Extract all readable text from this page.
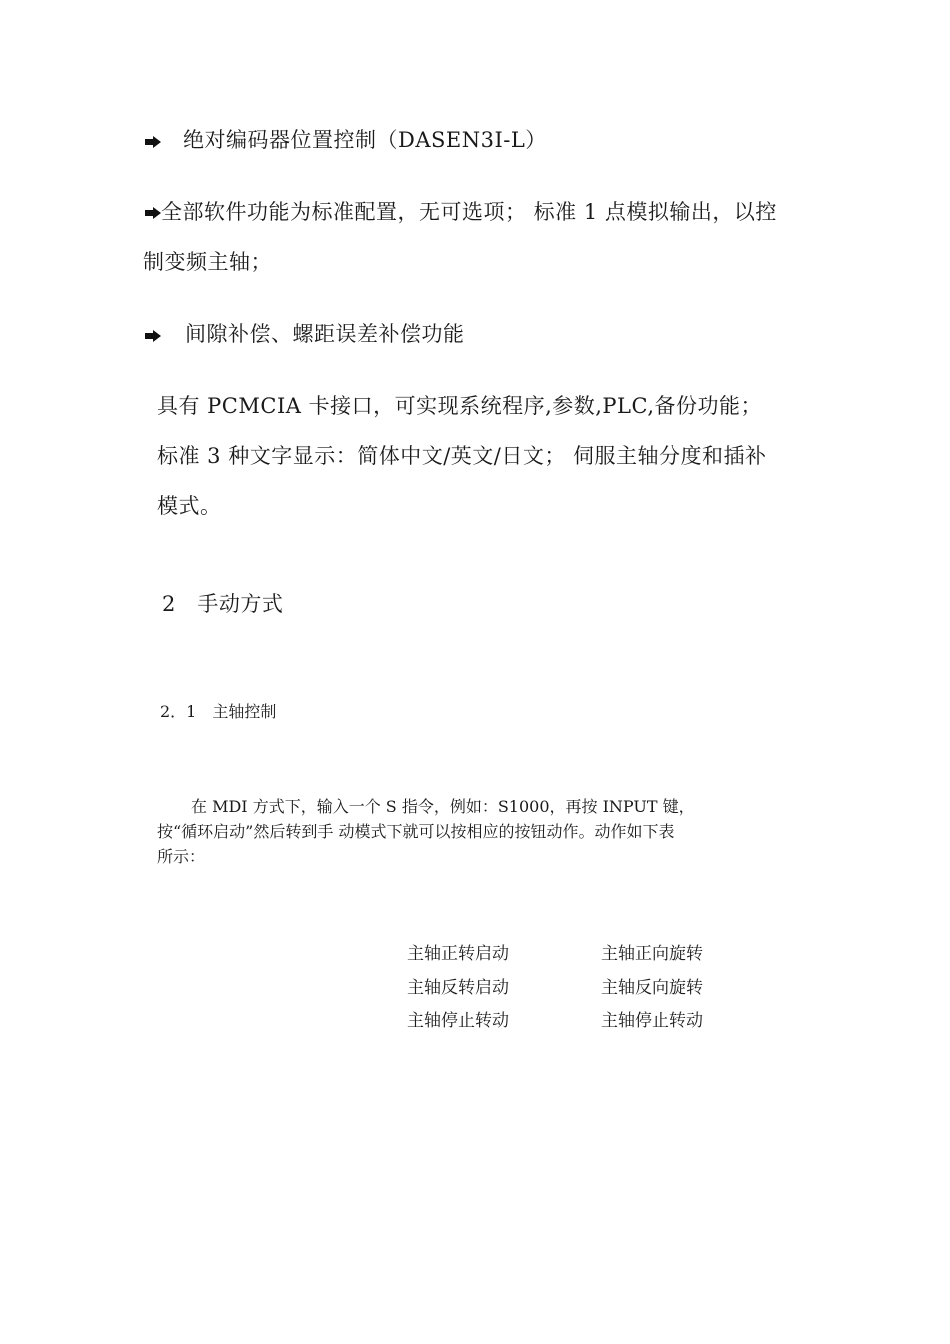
绝对编码器位置控制（DASEN3I-L）
全部软件功能为标准配置，无可选项； 标准 1 点模拟输出，以控
制变频主轴；
间隙补偿、螺距误差补偿功能
具有 PCMCIA 卡接口，可实现系统程序,参数,PLC,备份功能；
标准 3 种文字显示：简体中文/英文/日文； 伺服主轴分度和插补
模式。
2　手动方式
2．1　主轴控制
在 MDI 方式下，输入一个 S 指令，例如：S1000，再按 INPUT 键，
按“循环启动”然后转到手 动模式下就可以按相应的按钮动作。动作如下表
所示：
主轴正转启动	主轴正向旋转
主轴反转启动	主轴反向旋转
主轴停止转动	主轴停止转动
